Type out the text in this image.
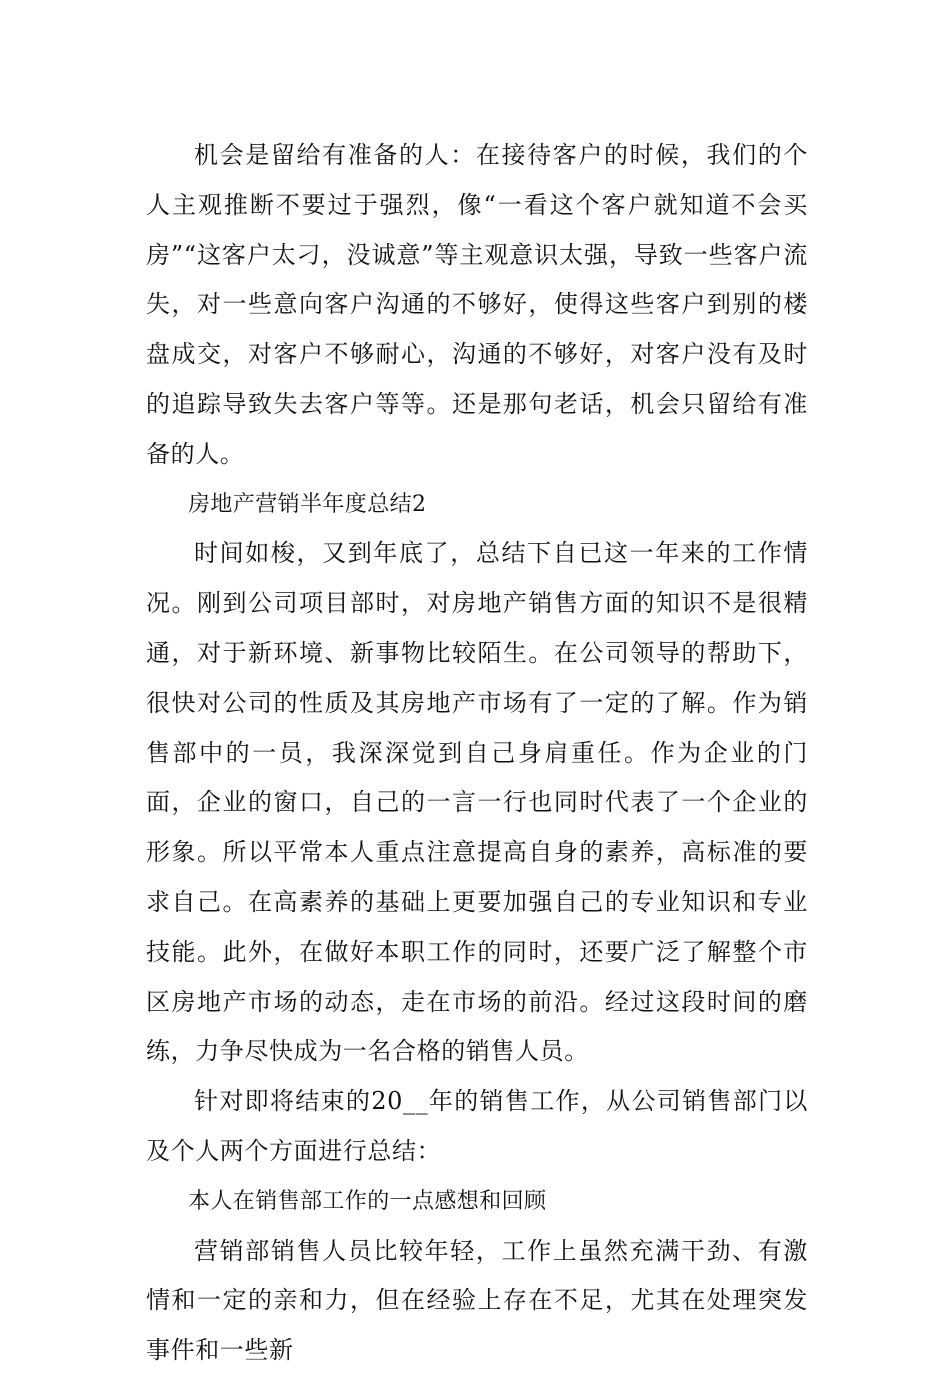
机会是留给有准备的人：在接待客户的时候，我们的个人主观推断不要过于强烈，像“一看这个客户就知道不会买房”“这客户太刁，没诚意”等主观意识太强，导致一些客户流失，对一些意向客户沟通的不够好，使得这些客户到别的楼盘成交，对客户不够耐心，沟通的不够好，对客户没有及时的追踪导致失去客户等等。还是那句老话，机会只留给有准备的人。

房地产营销半年度总结2

时间如梭，又到年底了，总结下自已这一年来的工作情况。刚到公司项目部时，对房地产销售方面的知识不是很精通，对于新环境、新事物比较陌生。在公司领导的帮助下，很快对公司的性质及其房地产市场有了一定的了解。作为销售部中的一员，我深深觉到自己身肩重任。作为企业的门面，企业的窗口，自己的一言一行也同时代表了一个企业的形象。所以平常本人重点注意提高自身的素养，高标准的要求自己。在高素养的基础上更要加强自己的专业知识和专业技能。此外，在做好本职工作的同时，还要广泛了解整个市区房地产市场的动态，走在市场的前沿。经过这段时间的磨练，力争尽快成为一名合格的销售人员。

针对即将结束的20__年的销售工作，从公司销售部门以及个人两个方面进行总结：

本人在销售部工作的一点感想和回顾

营销部销售人员比较年轻，工作上虽然充满干劲、有激情和一定的亲和力，但在经验上存在不足，尤其在处理突发事件和一些新
